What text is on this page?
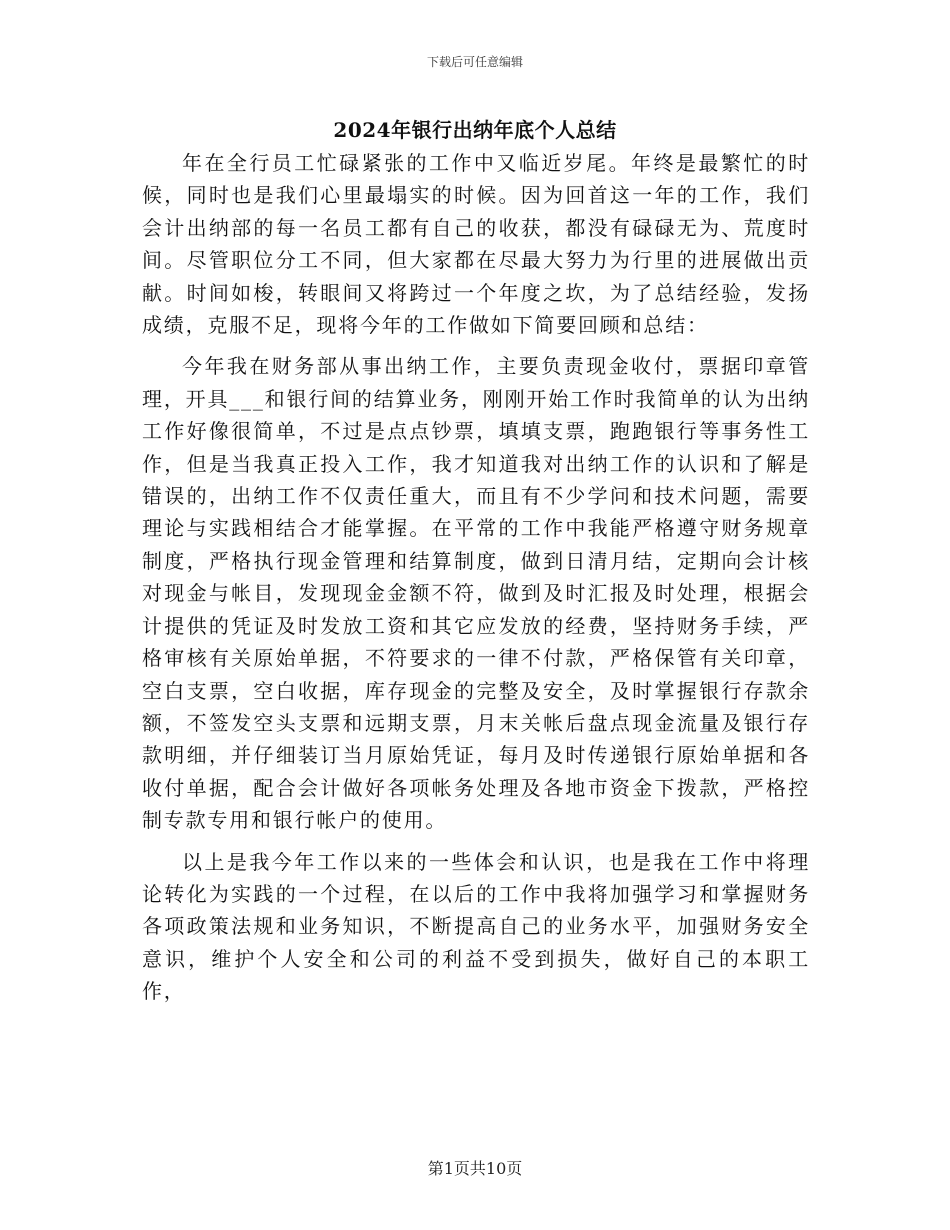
下载后可任意编辑
2024年银行出纳年底个人总结

年在全行员工忙碌紧张的工作中又临近岁尾。年终是最繁忙的时候，同时也是我们心里最塌实的时候。因为回首这一年的工作，我们会计出纳部的每一名员工都有自己的收获，都没有碌碌无为、荒度时间。尽管职位分工不同，但大家都在尽最大努力为行里的进展做出贡献。时间如梭，转眼间又将跨过一个年度之坎，为了总结经验，发扬成绩，克服不足，现将今年的工作做如下简要回顾和总结：

今年我在财务部从事出纳工作，主要负责现金收付，票据印章管理，开具___和银行间的结算业务，刚刚开始工作时我简单的认为出纳工作好像很简单，不过是点点钞票，填填支票，跑跑银行等事务性工作，但是当我真正投入工作，我才知道我对出纳工作的认识和了解是错误的，出纳工作不仅责任重大，而且有不少学问和技术问题，需要理论与实践相结合才能掌握。在平常的工作中我能严格遵守财务规章制度，严格执行现金管理和结算制度，做到日清月结，定期向会计核对现金与帐目，发现现金金额不符，做到及时汇报及时处理，根据会计提供的凭证及时发放工资和其它应发放的经费，坚持财务手续，严格审核有关原始单据，不符要求的一律不付款，严格保管有关印章，空白支票，空白收据，库存现金的完整及安全，及时掌握银行存款余额，不签发空头支票和远期支票，月末关帐后盘点现金流量及银行存款明细，并仔细装订当月原始凭证，每月及时传递银行原始单据和各收付单据，配合会计做好各项帐务处理及各地市资金下拨款，严格控制专款专用和银行帐户的使用。

以上是我今年工作以来的一些体会和认识，也是我在工作中将理论转化为实践的一个过程，在以后的工作中我将加强学习和掌握财务各项政策法规和业务知识，不断提高自己的业务水平，加强财务安全意识，维护个人安全和公司的利益不受到损失，做好自己的本职工作，

第1页共10页
